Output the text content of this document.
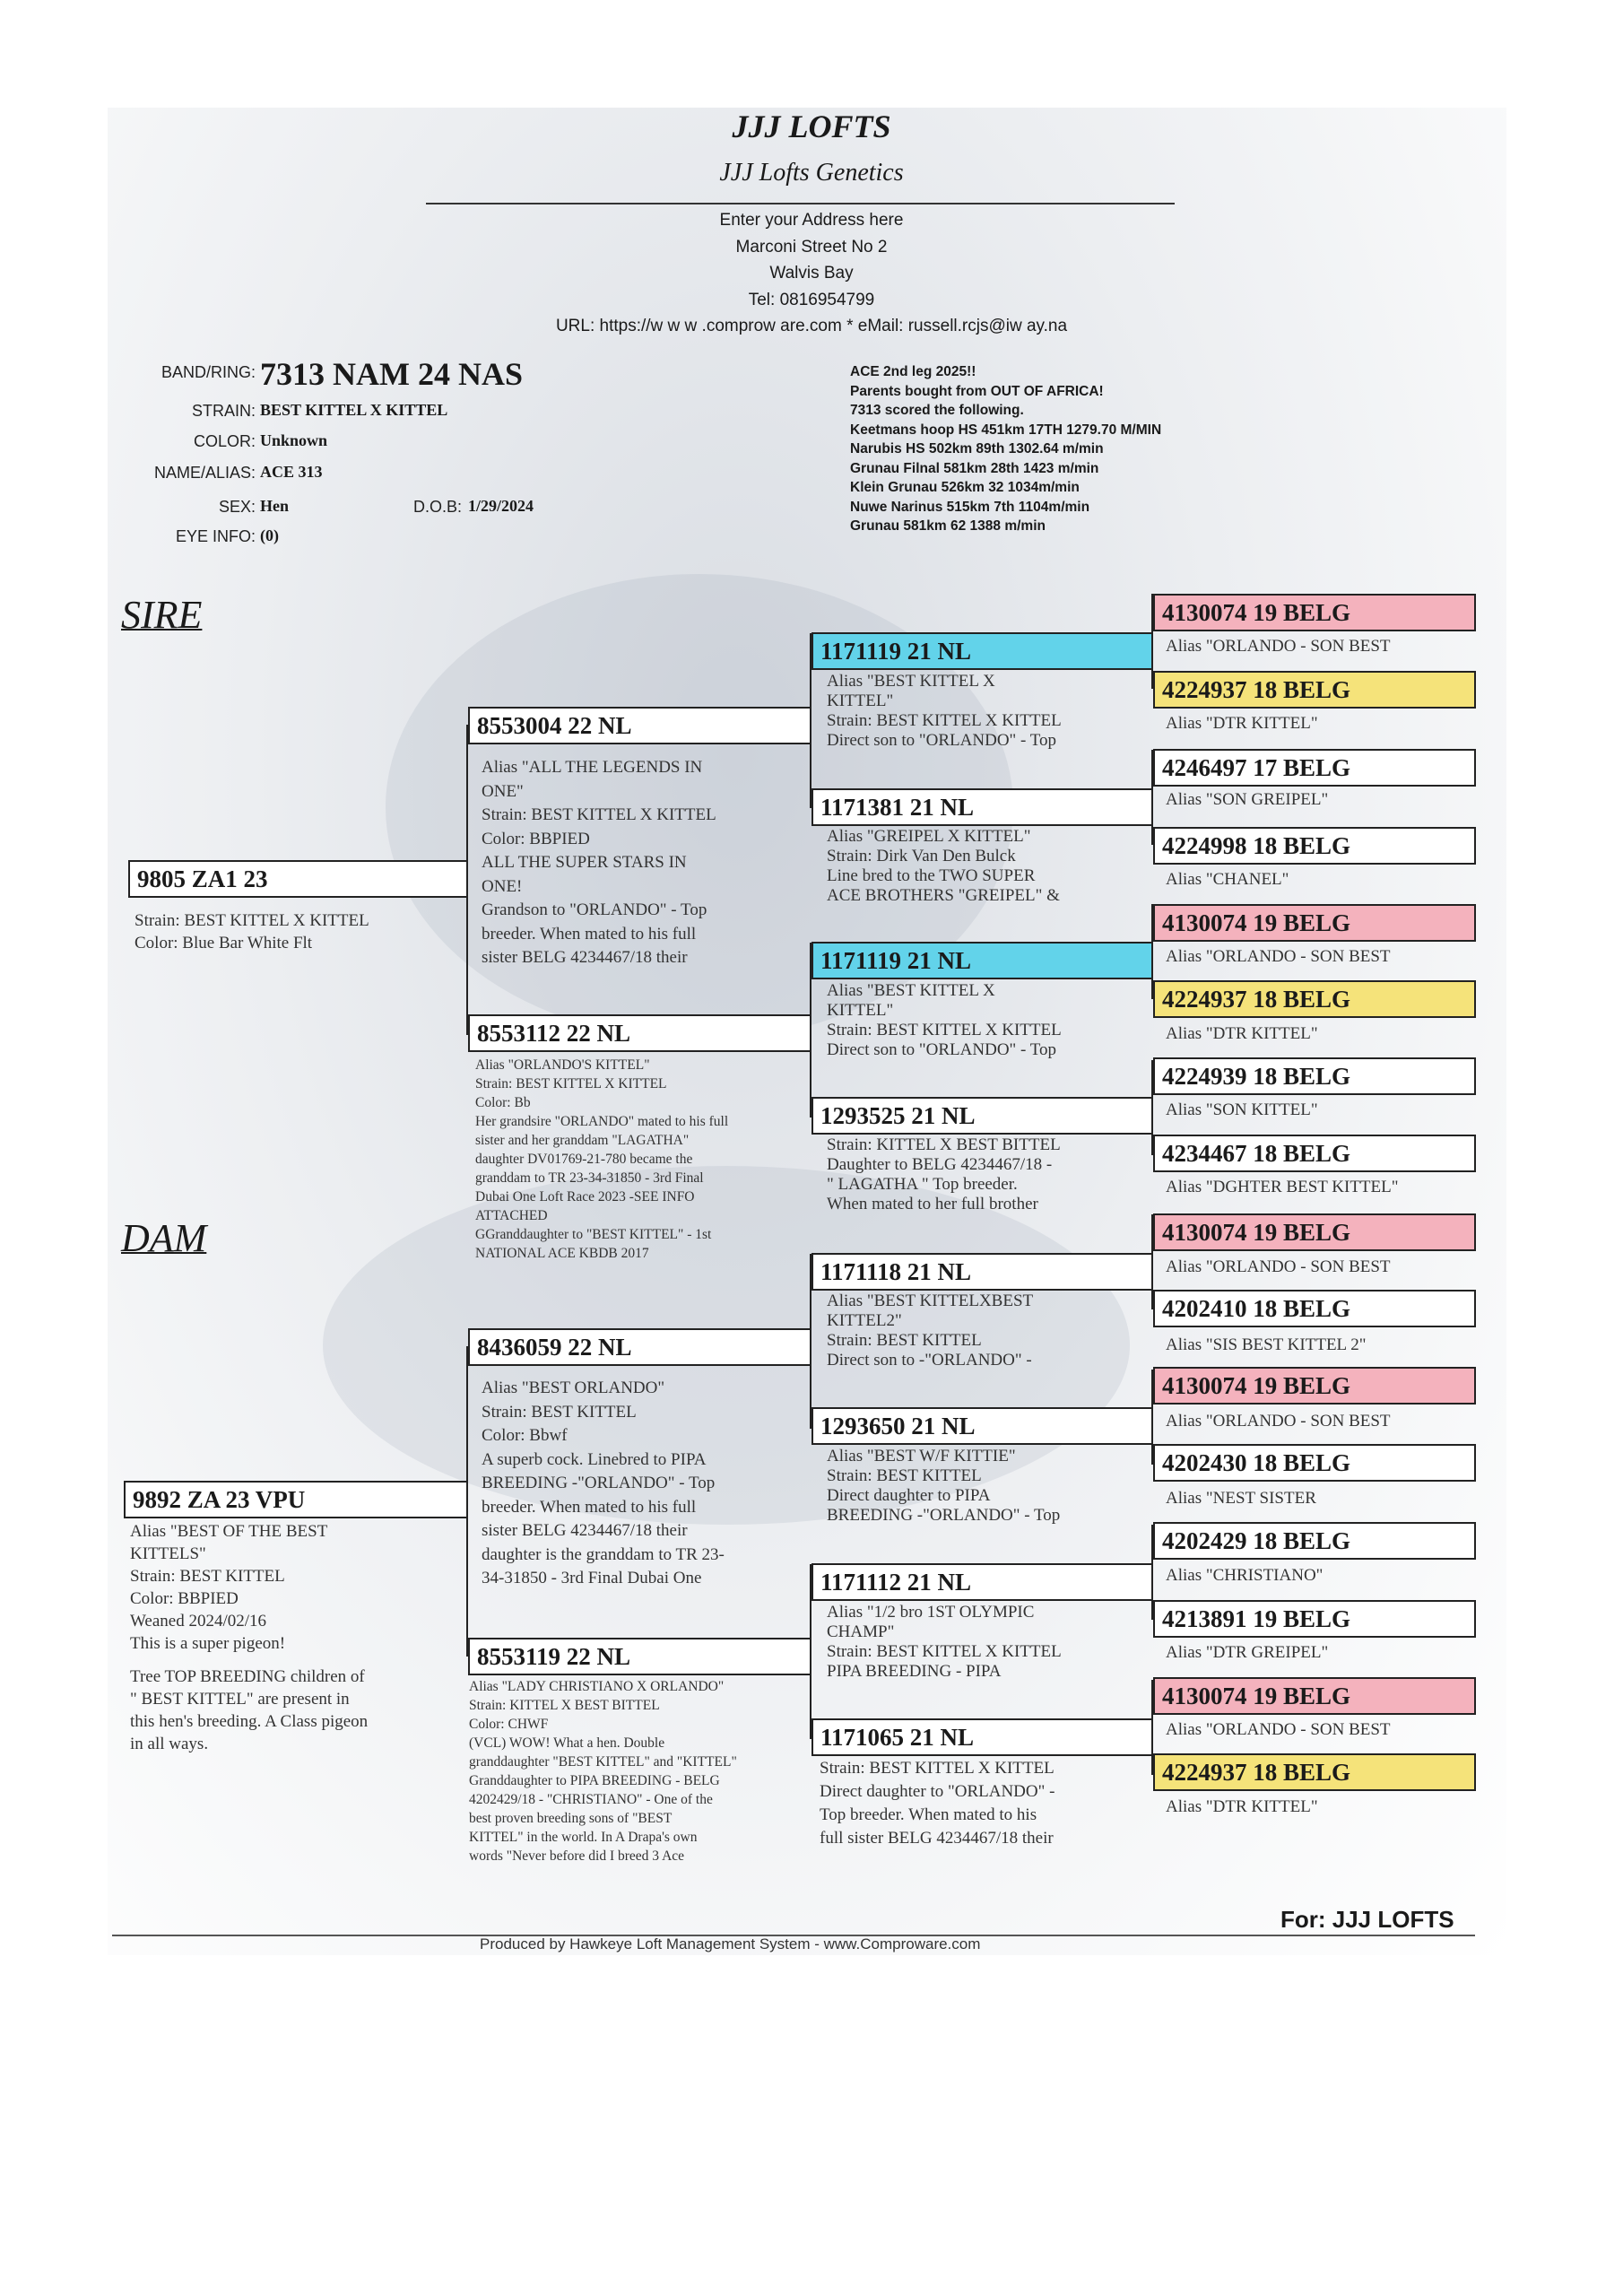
JJJ LOFTS
JJJ Lofts Genetics
Enter your Address here
Marconi Street No 2
Walvis Bay
Tel: 0816954799
URL: https://w w w .comprow are.com * eMail: russell.rcjs@iw ay.na
BAND/RING: 7313 NAM 24 NAS
STRAIN: BEST KITTEL X KITTEL
COLOR: Unknown
NAME/ALIAS: ACE 313
SEX: Hen	D.O.B: 1/29/2024
EYE INFO: (0)
ACE 2nd leg 2025!!
Parents bought from OUT OF AFRICA!
7313 scored the following.
Keetmans hoop HS 451km 17TH 1279.70 M/MIN
Narubis HS 502km 89th 1302.64 m/min
Grunau Filnal 581km 28th 1423 m/min
Klein Grunau 526km 32 1034m/min
Nuwe Narinus 515km 7th 1104m/min
Grunau 581km 62 1388 m/min
SIRE
DAM
9805 ZA1 23
Strain: BEST KITTEL X KITTEL
Color: Blue Bar White Flt
9892 ZA 23 VPU
Alias "BEST OF THE BEST
KITTELS"
Strain: BEST KITTEL
Color: BBPIED
Weaned 2024/02/16
This is a super pigeon!
Tree TOP BREEDING children of
" BEST KITTEL" are present in
this hen's breeding. A Class pigeon
in all ways.
8553004 22 NL
Alias "ALL THE LEGENDS IN
ONE"
Strain: BEST KITTEL X KITTEL
Color: BBPIED
ALL THE SUPER STARS IN
ONE!
Grandson to "ORLANDO" - Top
breeder. When mated to his full
sister BELG 4234467/18 their
8553112 22 NL
Alias "ORLANDO'S KITTEL"
Strain: BEST KITTEL X KITTEL
Color: Bb
Her grandsire "ORLANDO" mated to his full
sister and her granddam "LAGATHA"
daughter DV01769-21-780 became the
granddam to TR 23-34-31850 - 3rd Final
Dubai One Loft Race 2023 -SEE INFO
ATTACHED
GGranddaughter to "BEST KITTEL" - 1st
NATIONAL ACE KBDB 2017
8436059 22 NL
Alias "BEST ORLANDO"
Strain: BEST KITTEL
Color: Bbwf
A superb cock. Linebred to PIPA
BREEDING -"ORLANDO" - Top
breeder. When mated to his full
sister BELG 4234467/18 their
daughter is the granddam to TR 23-
34-31850 - 3rd Final Dubai One
8553119 22 NL
Alias "LADY CHRISTIANO X ORLANDO"
Strain: KITTEL X BEST BITTEL
Color: CHWF
(VCL) WOW! What a hen. Double
granddaughter "BEST KITTEL" and "KITTEL"
Granddaughter to PIPA BREEDING - BELG
4202429/18 - "CHRISTIANO" - One of the
best proven breeding sons of "BEST
KITTEL" in the world. In A Drapa's own
words "Never before did I breed 3 Ace
1171119 21 NL
Alias "BEST KITTEL X
KITTEL"
Strain: BEST KITTEL X KITTEL
Direct son to "ORLANDO" - Top
1171381 21 NL
Alias "GREIPEL X KITTEL"
Strain: Dirk Van Den Bulck
Line bred to the TWO SUPER
ACE BROTHERS "GREIPEL" &
1171119 21 NL
Alias "BEST KITTEL X
KITTEL"
Strain: BEST KITTEL X KITTEL
Direct son to "ORLANDO" - Top
1293525 21 NL
Strain: KITTEL X BEST BITTEL
Daughter to BELG 4234467/18 -
" LAGATHA " Top breeder.
When mated to her full brother
1171118 21 NL
Alias "BEST KITTELXBEST
KITTEL2"
Strain: BEST KITTEL
Direct son to -"ORLANDO" -
1293650 21 NL
Alias "BEST W/F KITTIE"
Strain: BEST KITTEL
Direct daughter to PIPA
BREEDING -"ORLANDO" - Top
1171112 21 NL
Alias "1/2 bro 1ST OLYMPIC
CHAMP"
Strain: BEST KITTEL X KITTEL
PIPA BREEDING - PIPA
1171065 21 NL
Strain: BEST KITTEL X KITTEL
Direct daughter to "ORLANDO" -
Top breeder. When mated to his
full sister BELG 4234467/18 their
4130074 19 BELG
Alias "ORLANDO - SON BEST
4224937 18 BELG
Alias "DTR KITTEL"
4246497 17 BELG
Alias "SON GREIPEL"
4224998 18 BELG
Alias "CHANEL"
4130074 19 BELG
Alias "ORLANDO - SON BEST
4224937 18 BELG
Alias "DTR KITTEL"
4224939 18 BELG
Alias "SON KITTEL"
4234467 18 BELG
Alias "DGHTER BEST KITTEL"
4130074 19 BELG
Alias "ORLANDO - SON BEST
4202410 18 BELG
Alias "SIS BEST KITTEL 2"
4130074 19 BELG
Alias "ORLANDO - SON BEST
4202430 18 BELG
Alias "NEST SISTER
4202429 18 BELG
Alias "CHRISTIANO"
4213891 19 BELG
Alias "DTR GREIPEL"
4130074 19 BELG
Alias "ORLANDO - SON BEST
4224937 18 BELG
Alias "DTR KITTEL"
For: JJJ LOFTS
Produced by Hawkeye Loft Management System - www.Comproware.com
